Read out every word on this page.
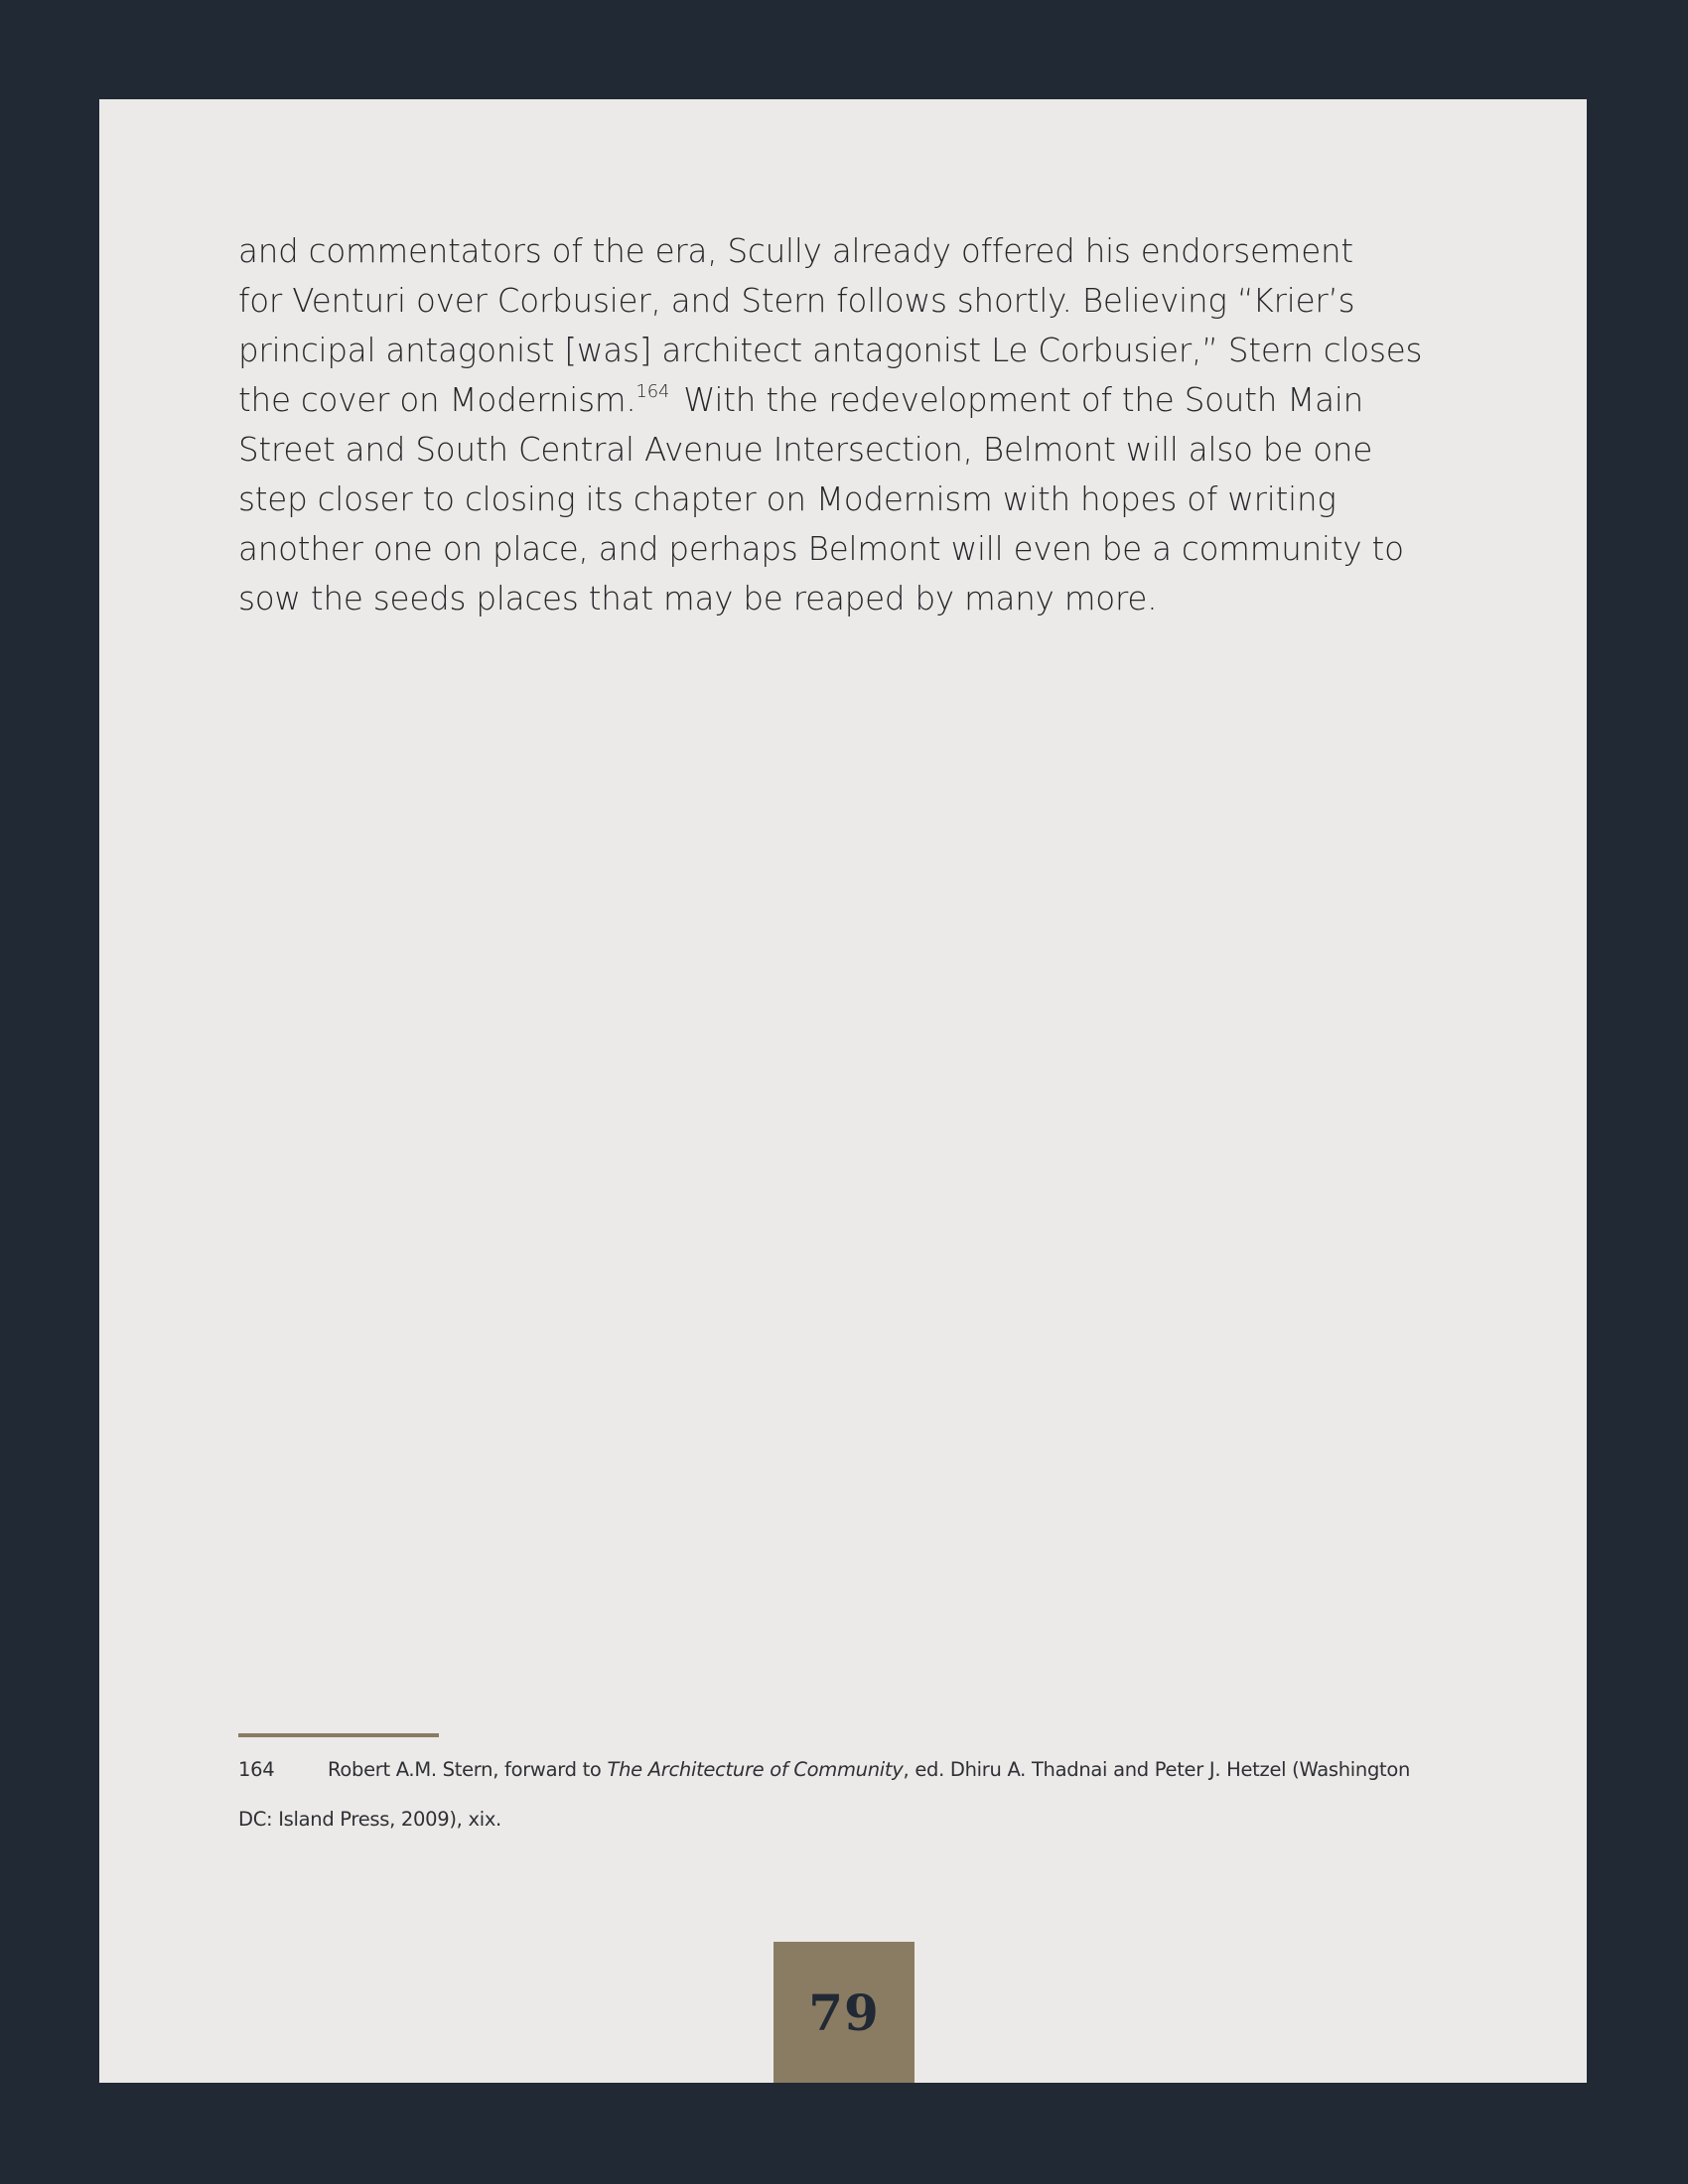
and commentators of the era, Scully already offered his endorsement
for Venturi over Corbusier, and Stern follows shortly. Believing “Krier’s
principal antagonist [was] architect antagonist Le Corbusier,” Stern closes
the cover on Modernism.$^{164}$ With the redevelopment of the South Main
Street and South Central Avenue Intersection, Belmont will also be one
step closer to closing its chapter on Modernism with hopes of writing
another one on place, and perhaps Belmont will even be a community to
sow the seeds places that may be reaped by many more.

164	Robert A.M. Stern, forward to The Architecture of Community, ed. Dhiru A. Thadnai and Peter J. Hetzel (Washington
DC: Island Press, 2009), xix.
79
